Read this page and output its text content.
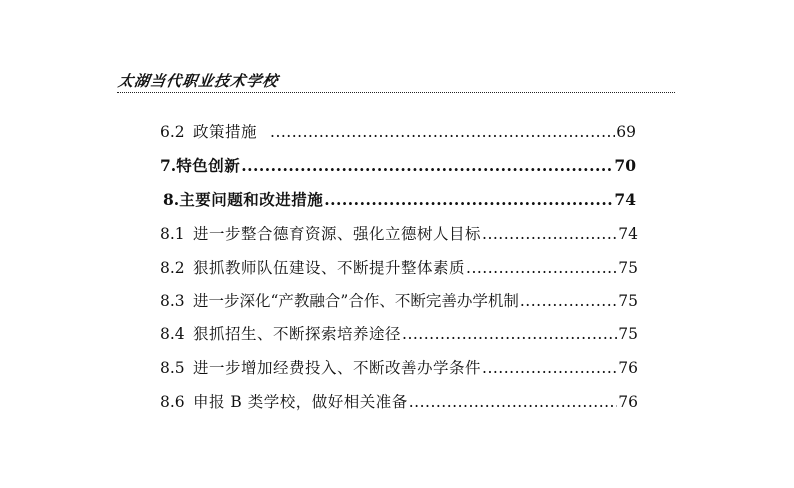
太湖当代职业技术学校
6.2 政策措施 .....	69
7. 特色创新 .....	70
8. 主要问题和改进措施 .....	74
8.1 进一步整合德育资源、强化立德树人目标 .....	74
8.2 狠抓教师队伍建设、不断提升整体素质 .....	75
8.3 进一步深化“产教融合”合作、不断完善办学机制 .....	75
8.4 狠抓招生、不断探索培养途径 .....	75
8.5 进一步增加经费投入、不断改善办学条件 .....	76
8.6 申报 B 类学校，做好相关准备 .....	76
